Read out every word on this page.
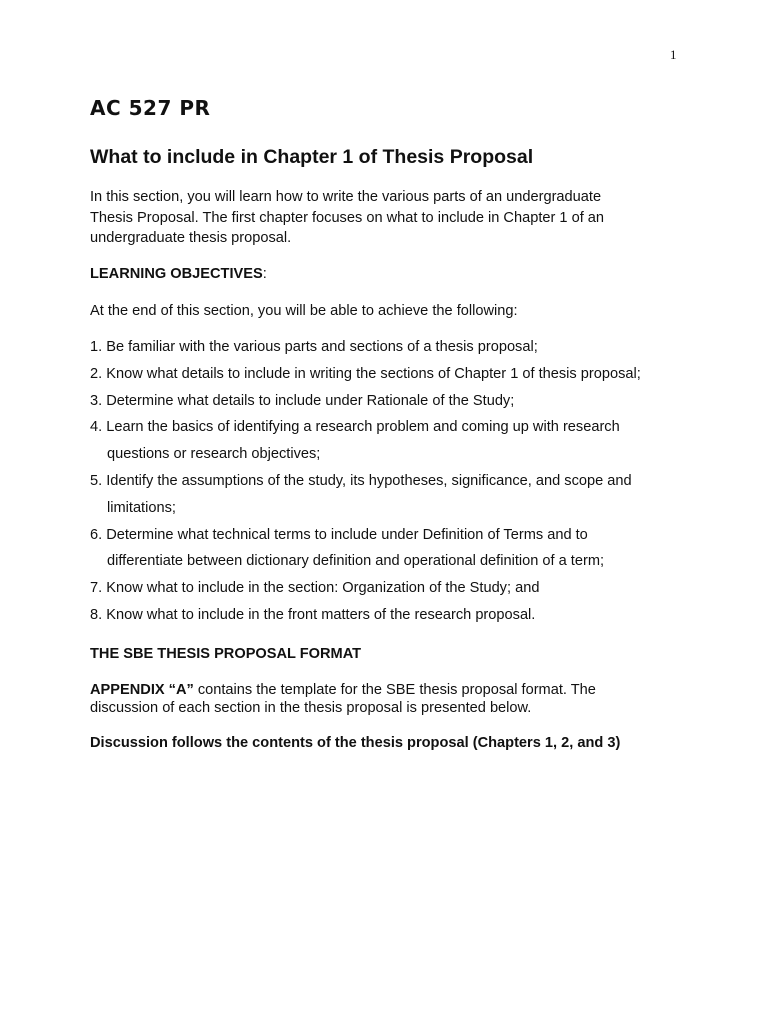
1
AC 527 PR
What to include in Chapter 1 of Thesis Proposal
In this section, you will learn how to write the various parts of an undergraduate
Thesis Proposal. The first chapter focuses on what to include in Chapter 1 of an
undergraduate thesis proposal.
LEARNING OBJECTIVES:
At the end of this section, you will be able to achieve the following:
1. Be familiar with the various parts and sections of a thesis proposal;
2. Know what details to include in writing the sections of Chapter 1 of thesis proposal;
3. Determine what details to include under Rationale of the Study;
4. Learn the basics of identifying a research problem and coming up with research
questions or research objectives;
5. Identify the assumptions of the study, its hypotheses, significance, and scope and
limitations;
6. Determine what technical terms to include under Definition of Terms and to
differentiate between dictionary definition and operational definition of a term;
7. Know what to include in the section: Organization of the Study; and
8. Know what to include in the front matters of the research proposal.
THE SBE THESIS PROPOSAL FORMAT
APPENDIX “A” contains the template for the SBE thesis proposal format. The
discussion of each section in the thesis proposal is presented below.
Discussion follows the contents of the thesis proposal (Chapters 1, 2, and 3)
